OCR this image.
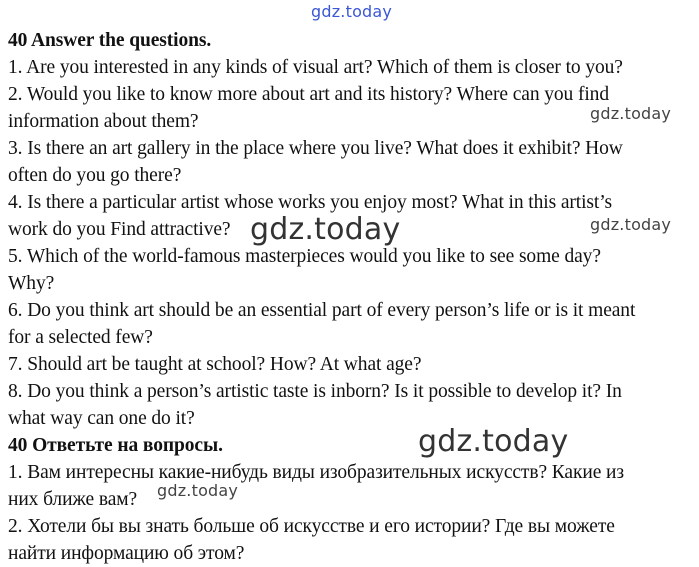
gdz.today
40 Answer the questions.
1. Are you interested in any kinds of visual art? Which of them is closer to you?
2. Would you like to know more about art and its history? Where can you find
information about them?
3. Is there an art gallery in the place where you live? What does it exhibit? How
often do you go there?
4. Is there a particular artist whose works you enjoy most? What in this artist’s
work do you Find attractive?
5. Which of the world-famous masterpieces would you like to see some day?
Why?
6. Do you think art should be an essential part of every person’s life or is it meant
for a selected few?
7. Should art be taught at school? How? At what age?
8. Do you think a person’s artistic taste is inborn? Is it possible to develop it? In
what way can one do it?
40 Ответьте на вопросы.
1. Вам интересны какие-нибудь виды изобразительных искусств? Какие из
них ближе вам?
2. Хотели бы вы знать больше об искусстве и его истории? Где вы можете
найти информацию об этом?
gdz.today
gdz.today
gdz.today
gdz.today
gdz.today
